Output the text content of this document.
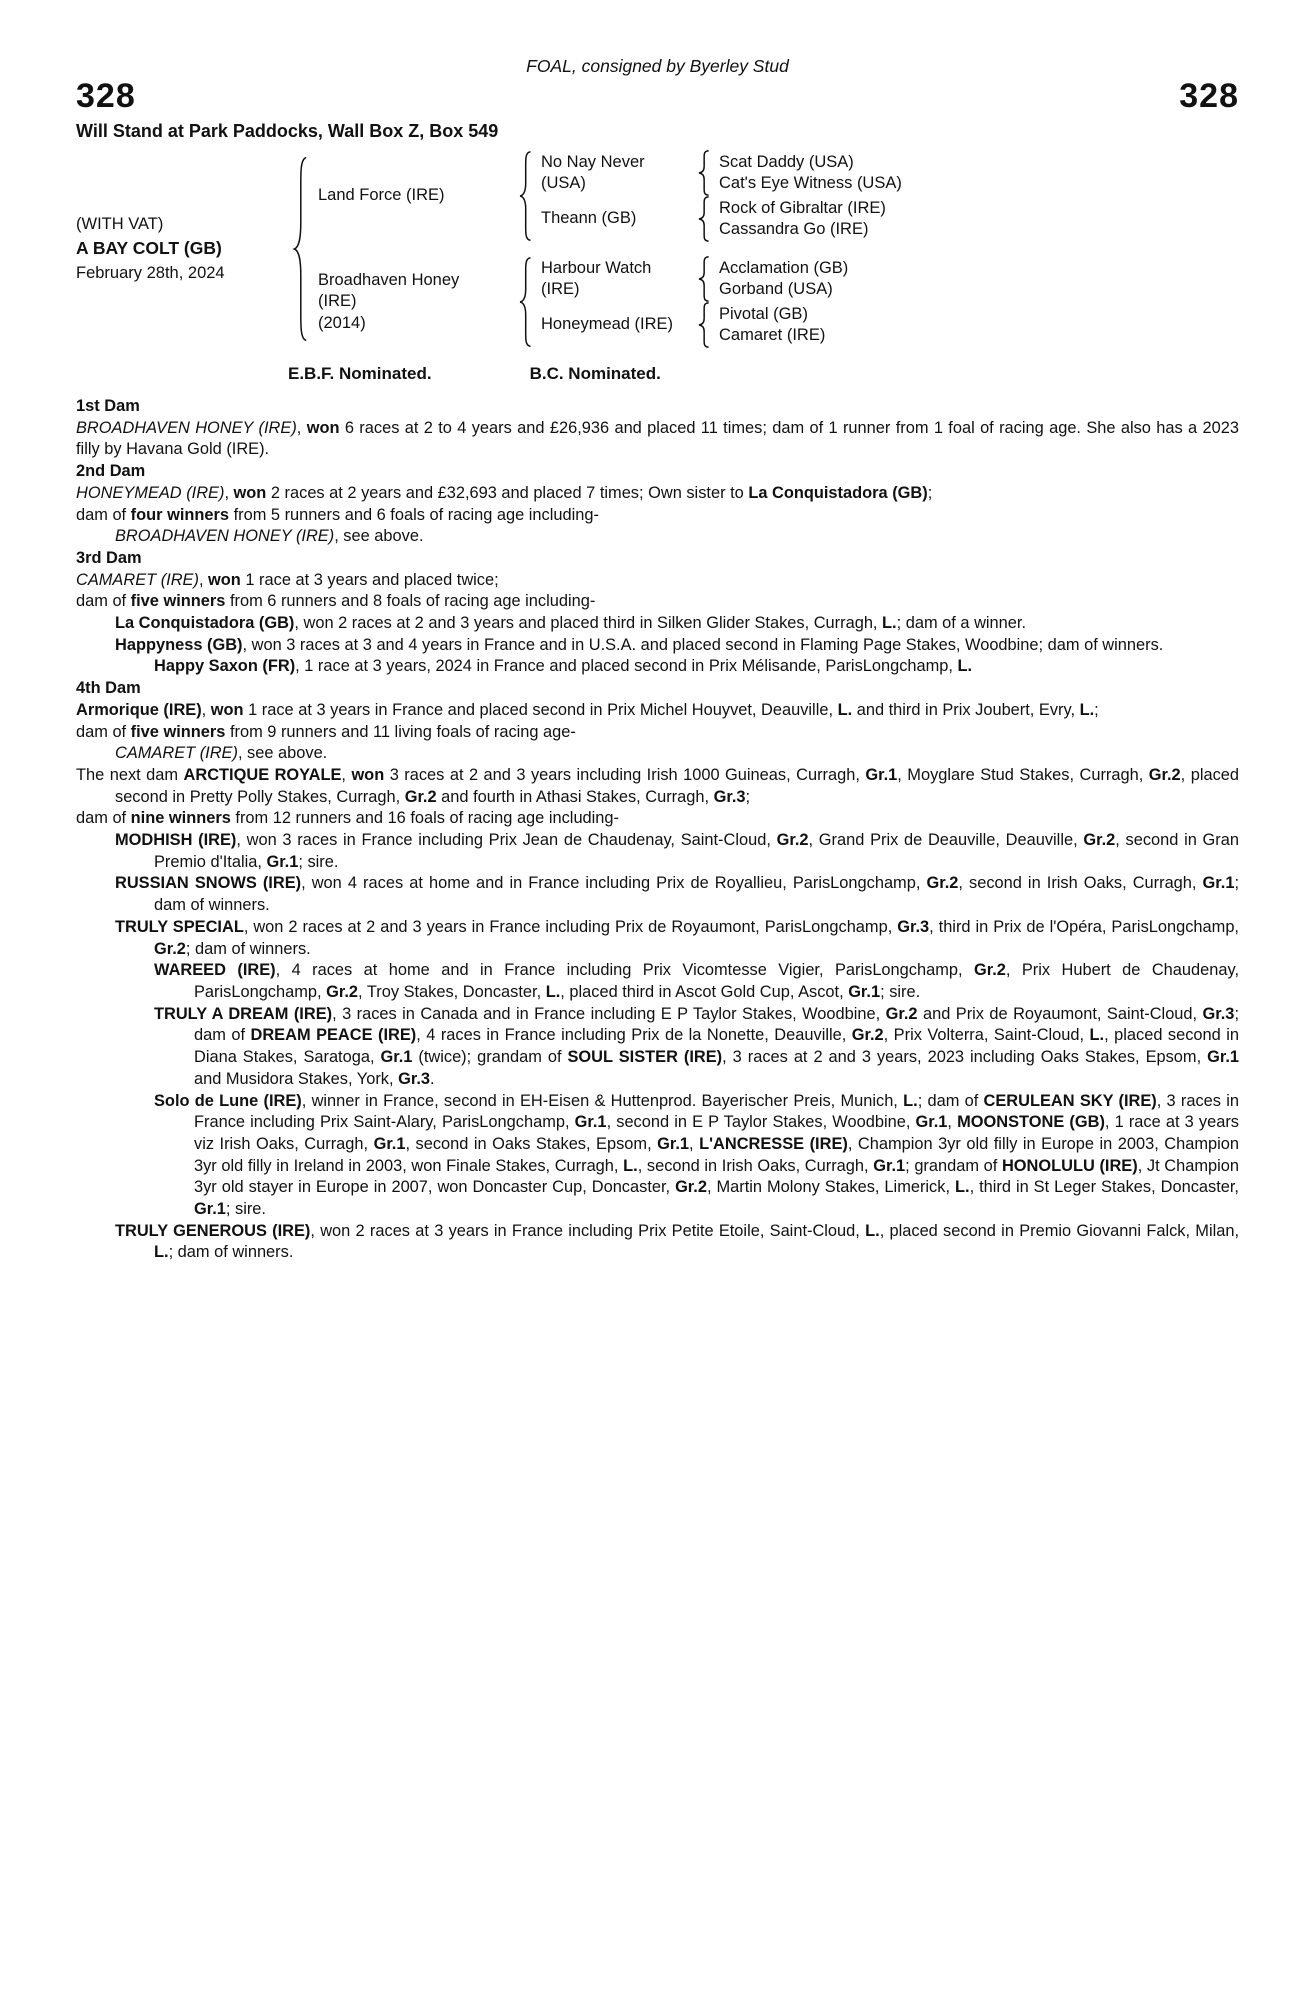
FOAL, consigned by Byerley Stud
328	328
Will Stand at Park Paddocks, Wall Box Z, Box 549
(WITH VAT)
A BAY COLT (GB)
February 28th, 2024
Land Force (IRE)
No Nay Never (USA)
Scat Daddy (USA)
Cat's Eye Witness (USA)
Theann (GB)
Rock of Gibraltar (IRE)
Cassandra Go (IRE)
Broadhaven Honey (IRE)
(2014)
Harbour Watch (IRE)
Acclamation (GB)
Gorband (USA)
Honeymead (IRE)
Pivotal (GB)
Camaret (IRE)
E.B.F. Nominated.	B.C. Nominated.

1st Dam

BROADHAVEN HONEY (IRE), won 6 races at 2 to 4 years and £26,936 and placed 11 times; dam of 1 runner from 1 foal of racing age. She also has a 2023 filly by Havana Gold (IRE).

2nd Dam

HONEYMEAD (IRE), won 2 races at 2 years and £32,693 and placed 7 times; Own sister to La Conquistadora (GB);

dam of four winners from 5 runners and 6 foals of racing age including-

BROADHAVEN HONEY (IRE), see above.

3rd Dam

CAMARET (IRE), won 1 race at 3 years and placed twice;

dam of five winners from 6 runners and 8 foals of racing age including-

La Conquistadora (GB), won 2 races at 2 and 3 years and placed third in Silken Glider Stakes, Curragh, L.; dam of a winner.

Happyness (GB), won 3 races at 3 and 4 years in France and in U.S.A. and placed second in Flaming Page Stakes, Woodbine; dam of winners.

Happy Saxon (FR), 1 race at 3 years, 2024 in France and placed second in Prix Mélisande, ParisLongchamp, L.

4th Dam

Armorique (IRE), won 1 race at 3 years in France and placed second in Prix Michel Houyvet, Deauville, L. and third in Prix Joubert, Evry, L.;

dam of five winners from 9 runners and 11 living foals of racing age-

CAMARET (IRE), see above.

The next dam ARCTIQUE ROYALE, won 3 races at 2 and 3 years including Irish 1000 Guineas, Curragh, Gr.1, Moyglare Stud Stakes, Curragh, Gr.2, placed second in Pretty Polly Stakes, Curragh, Gr.2 and fourth in Athasi Stakes, Curragh, Gr.3;

dam of nine winners from 12 runners and 16 foals of racing age including-

MODHISH (IRE), won 3 races in France including Prix Jean de Chaudenay, Saint-Cloud, Gr.2, Grand Prix de Deauville, Deauville, Gr.2, second in Gran Premio d'Italia, Gr.1; sire.

RUSSIAN SNOWS (IRE), won 4 races at home and in France including Prix de Royallieu, ParisLongchamp, Gr.2, second in Irish Oaks, Curragh, Gr.1; dam of winners.

TRULY SPECIAL, won 2 races at 2 and 3 years in France including Prix de Royaumont, ParisLongchamp, Gr.3, third in Prix de l'Opéra, ParisLongchamp, Gr.2; dam of winners.

WAREED (IRE), 4 races at home and in France including Prix Vicomtesse Vigier, ParisLongchamp, Gr.2, Prix Hubert de Chaudenay, ParisLongchamp, Gr.2, Troy Stakes, Doncaster, L., placed third in Ascot Gold Cup, Ascot, Gr.1; sire.

TRULY A DREAM (IRE), 3 races in Canada and in France including E P Taylor Stakes, Woodbine, Gr.2 and Prix de Royaumont, Saint-Cloud, Gr.3; dam of DREAM PEACE (IRE), 4 races in France including Prix de la Nonette, Deauville, Gr.2, Prix Volterra, Saint-Cloud, L., placed second in Diana Stakes, Saratoga, Gr.1 (twice); grandam of SOUL SISTER (IRE), 3 races at 2 and 3 years, 2023 including Oaks Stakes, Epsom, Gr.1 and Musidora Stakes, York, Gr.3.

Solo de Lune (IRE), winner in France, second in EH-Eisen & Huttenprod. Bayerischer Preis, Munich, L.; dam of CERULEAN SKY (IRE), 3 races in France including Prix Saint-Alary, ParisLongchamp, Gr.1, second in E P Taylor Stakes, Woodbine, Gr.1, MOONSTONE (GB), 1 race at 3 years viz Irish Oaks, Curragh, Gr.1, second in Oaks Stakes, Epsom, Gr.1, L'ANCRESSE (IRE), Champion 3yr old filly in Europe in 2003, Champion 3yr old filly in Ireland in 2003, won Finale Stakes, Curragh, L., second in Irish Oaks, Curragh, Gr.1; grandam of HONOLULU (IRE), Jt Champion 3yr old stayer in Europe in 2007, won Doncaster Cup, Doncaster, Gr.2, Martin Molony Stakes, Limerick, L., third in St Leger Stakes, Doncaster, Gr.1; sire.

TRULY GENEROUS (IRE), won 2 races at 3 years in France including Prix Petite Etoile, Saint-Cloud, L., placed second in Premio Giovanni Falck, Milan, L.; dam of winners.
